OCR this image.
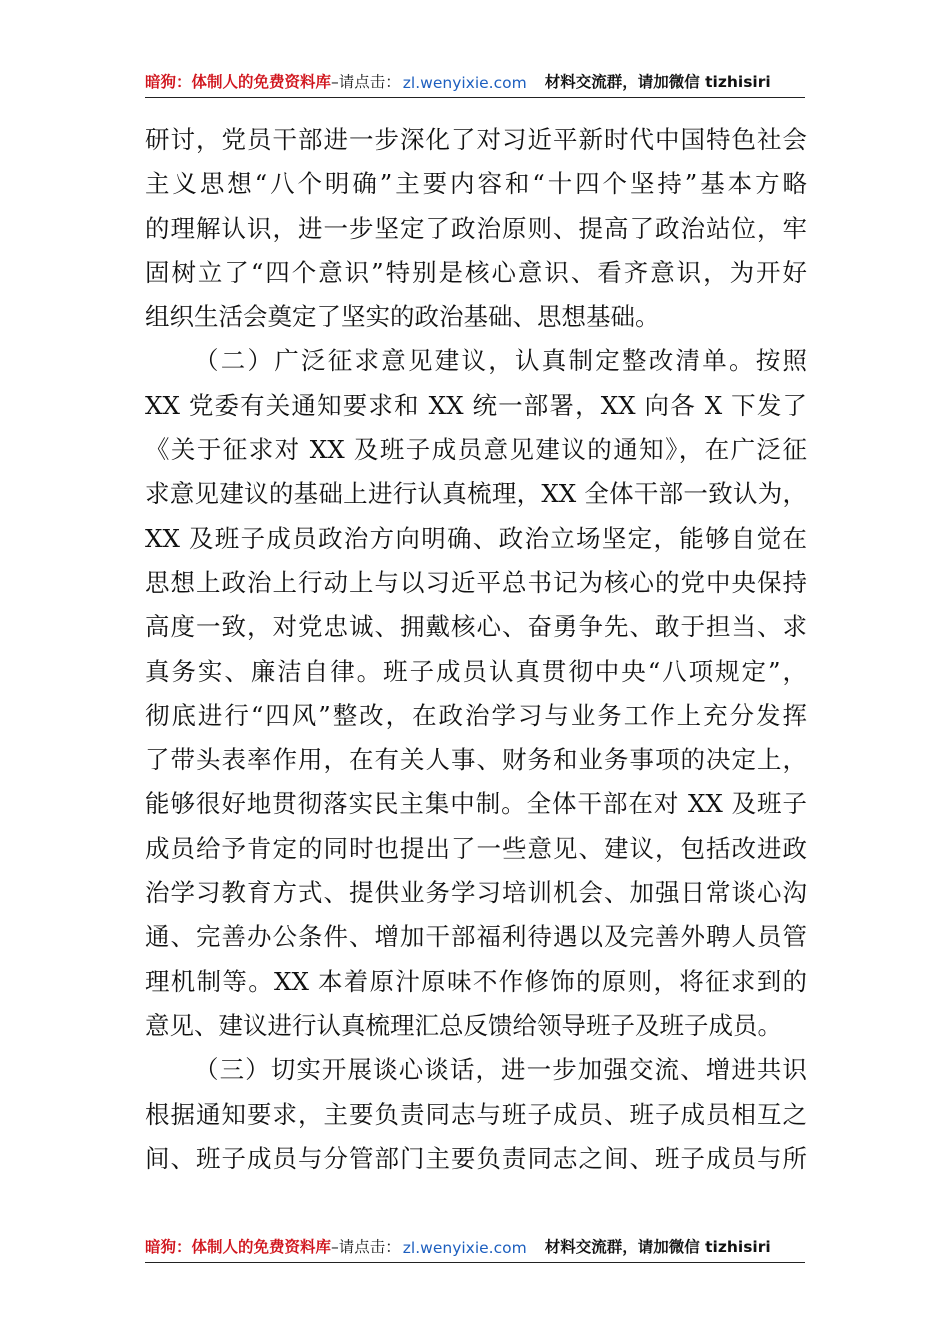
暗狗：体制人的免费资料库 –请点击： zl.wenyixie.com 材料交流群，请加微信 tizhisiri
研讨，党员干部进一步深化了对习近平新时代中国特色社会
主义思想“八个明确”主要内容和“十四个坚持”基本方略
的理解认识，进一步坚定了政治原则、提高了政治站位，牢
固树立了“四个意识”特别是核心意识、看齐意识，为开好
组织生活会奠定了坚实的政治基础、思想基础。
（二）广泛征求意见建议，认真制定整改清单。按照
XX 党委有关通知要求和 XX 统一部署，XX 向各 X 下发了
《关于征求对 XX 及班子成员意见建议的通知》，在广泛征
求意见建议的基础上进行认真梳理，XX 全体干部一致认为，
XX 及班子成员政治方向明确、政治立场坚定，能够自觉在
思想上政治上行动上与以习近平总书记为核心的党中央保持
高度一致，对党忠诚、拥戴核心、奋勇争先、敢于担当、求
真务实、廉洁自律。班子成员认真贯彻中央“八项规定”，
彻底进行“四风”整改，在政治学习与业务工作上充分发挥
了带头表率作用，在有关人事、财务和业务事项的决定上，
能够很好地贯彻落实民主集中制。全体干部在对 XX 及班子
成员给予肯定的同时也提出了一些意见、建议，包括改进政
治学习教育方式、提供业务学习培训机会、加强日常谈心沟
通、完善办公条件、增加干部福利待遇以及完善外聘人员管
理机制等。XX 本着原汁原味不作修饰的原则，将征求到的
意见、建议进行认真梳理汇总反馈给领导班子及班子成员。
（三）切实开展谈心谈话，进一步加强交流、增进共识
根据通知要求，主要负责同志与班子成员、班子成员相互之
间、班子成员与分管部门主要负责同志之间、班子成员与所
暗狗：体制人的免费资料库 –请点击： zl.wenyixie.com 材料交流群，请加微信 tizhisiri
